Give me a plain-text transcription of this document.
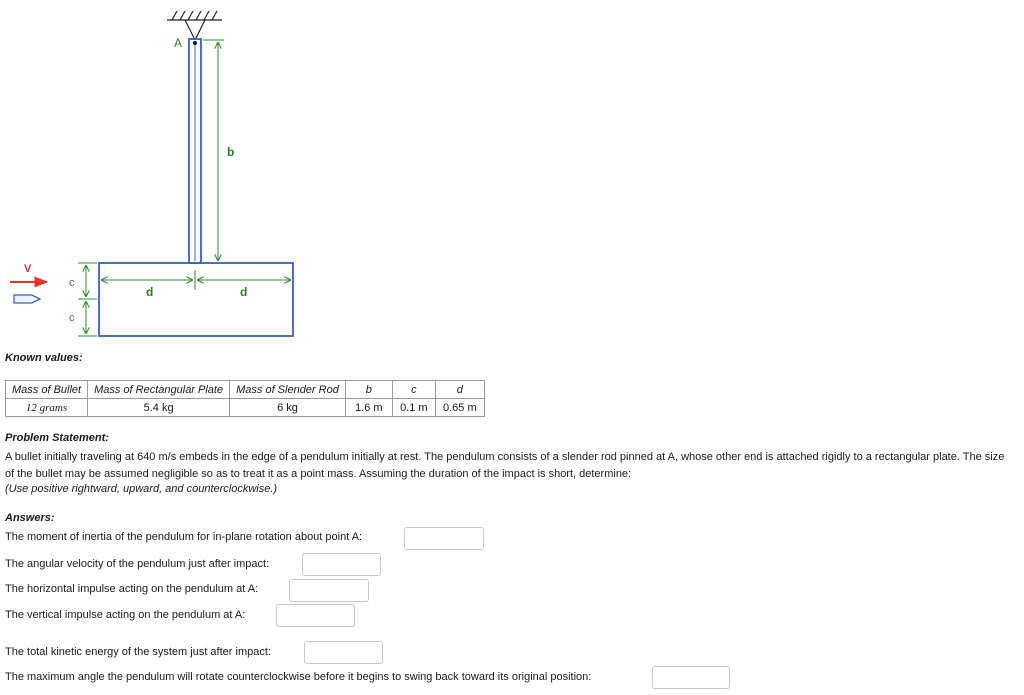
A
b
V
c
c
d	d
Known values:
Mass of Bullet	Mass of Rectangular Plate	Mass of Slender Rod	b	c	d
12 grams	5.4 kg	6 kg	1.6 m	0.1 m	0.65 m
Problem Statement:
A bullet initially traveling at 640 m/s embeds in the edge of a pendulum initially at rest. The pendulum consists of a slender rod pinned at A, whose other end is attached rigidly to a rectangular plate. The size of the bullet may be assumed negligible so as to treat it as a point mass. Assuming the duration of the impact is short, determine:
(Use positive rightward, upward, and counterclockwise.)
Answers:
The moment of inertia of the pendulum for in-plane rotation about point A:
The angular velocity of the pendulum just after impact:
The horizontal impulse acting on the pendulum at A:
The vertical impulse acting on the pendulum at A:
The total kinetic energy of the system just after impact:
The maximum angle the pendulum will rotate counterclockwise before it begins to swing back toward its original position:
